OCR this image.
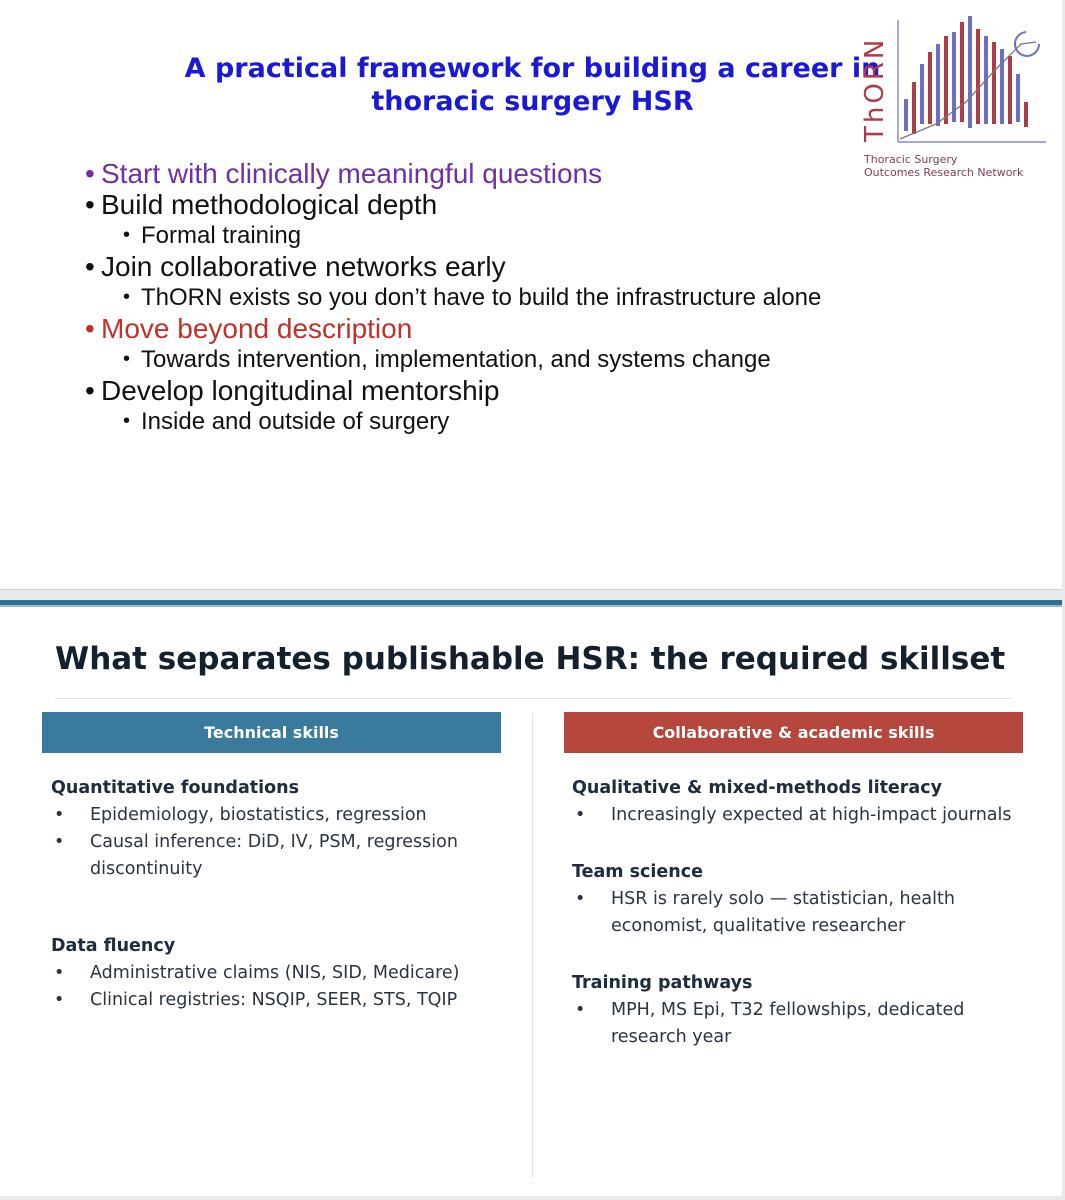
A practical framework for building a career in thoracic surgery HSR	ThORN
Thoracic Surgery
Outcomes Research Network
• Start with clinically meaningful questions
• Build methodological depth
• Formal training
• Join collaborative networks early
• ThORN exists so you don’t have to build the infrastructure alone
• Move beyond description
• Towards intervention, implementation, and systems change
• Develop longitudinal mentorship
• Inside and outside of surgery
What separates publishable HSR: the required skillset
Technical skills	Collaborative & academic skills
Quantitative foundations
• Epidemiology, biostatistics, regression
• Causal inference: DiD, IV, PSM, regression discontinuity
Data fluency
• Administrative claims (NIS, SID, Medicare)
• Clinical registries: NSQIP, SEER, STS, TQIP
Qualitative & mixed-methods literacy
• Increasingly expected at high-impact journals
Team science
• HSR is rarely solo — statistician, health economist, qualitative researcher
Training pathways
• MPH, MS Epi, T32 fellowships, dedicated research year
